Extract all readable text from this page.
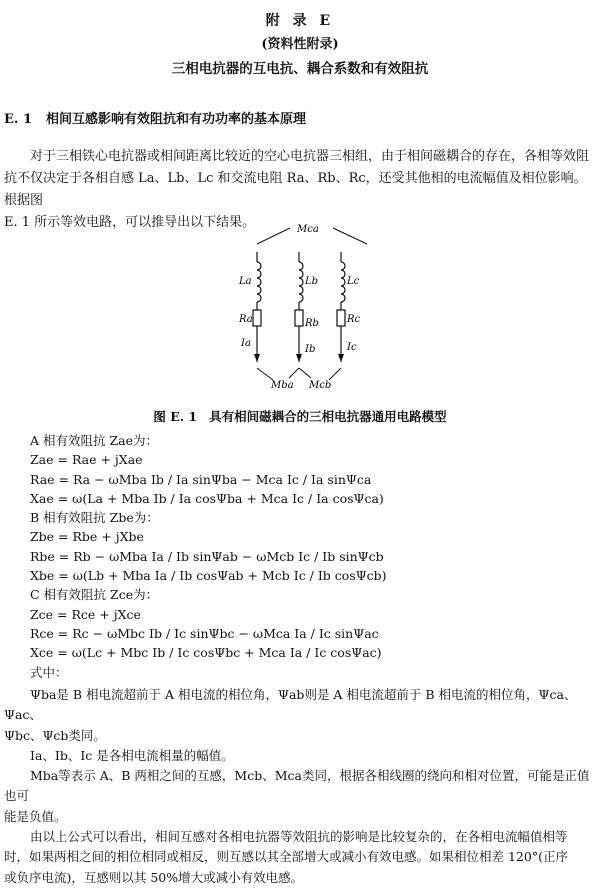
附 录 E
(资料性附录)
三相电抗器的互电抗、耦合系数和有效阻抗
E. 1 相间互感影响有效阻抗和有功功率的基本原理

对于三相铁心电抗器或相间距离比较近的空心电抗器三相组，由于相间磁耦合的存在，各相等效阻

抗不仅决定于各相自感 La、Lb、Lc 和交流电阻 Ra、Rb、Rc，还受其他相的电流幅值及相位影响。根据图

E. 1 所示等效电路，可以推导出以下结果。	Mca
La
Ra
Ia
Lb
Rb
Ib
Lc
Rc
Ic
Mba Mcb
图 E. 1 具有相间磁耦合的三相电抗器通用电路模型
A 相有效阻抗 Zae为：
Zae = Rae + jXae
Rae = Ra − ωMba Ib / Ia sinΨba − Mca Ic / Ia sinΨca
Xae = ω(La + Mba Ib / Ia cosΨba + Mca Ic / Ia cosΨca)
B 相有效阻抗 Zbe为：
Zbe = Rbe + jXbe
Rbe = Rb − ωMba Ia / Ib sinΨab − ωMcb Ic / Ib sinΨcb
Xbe = ω(Lb + Mba Ia / Ib cosΨab + Mcb Ic / Ib cosΨcb)
C 相有效阻抗 Zce为：
Zce = Rce + jXce
Rce = Rc − ωMbc Ib / Ic sinΨbc − ωMca Ia / Ic sinΨac
Xce = ω(Lc + Mbc Ib / Ic cosΨbc + Mca Ia / Ic cosΨac)
式中：

Ψba是 B 相电流超前于 A 相电流的相位角，Ψab则是 A 相电流超前于 B 相电流的相位角，Ψca、Ψac、

Ψbc、Ψcb类同。

Ia、Ib、Ic 是各相电流相量的幅值。

Mba等表示 A、B 两相之间的互感，Mcb、Mca类同，根据各相线圈的绕向和相对位置，可能是正值也可

能是负值。

由以上公式可以看出，相间互感对各相电抗器等效阻抗的影响是比较复杂的，在各相电流幅值相等

时，如果两相之间的相位相同或相反，则互感以其全部增大或减小有效电感。如果相位相差 120°(正序

或负序电流)，互感则以其 50%增大或减小有效电感。
